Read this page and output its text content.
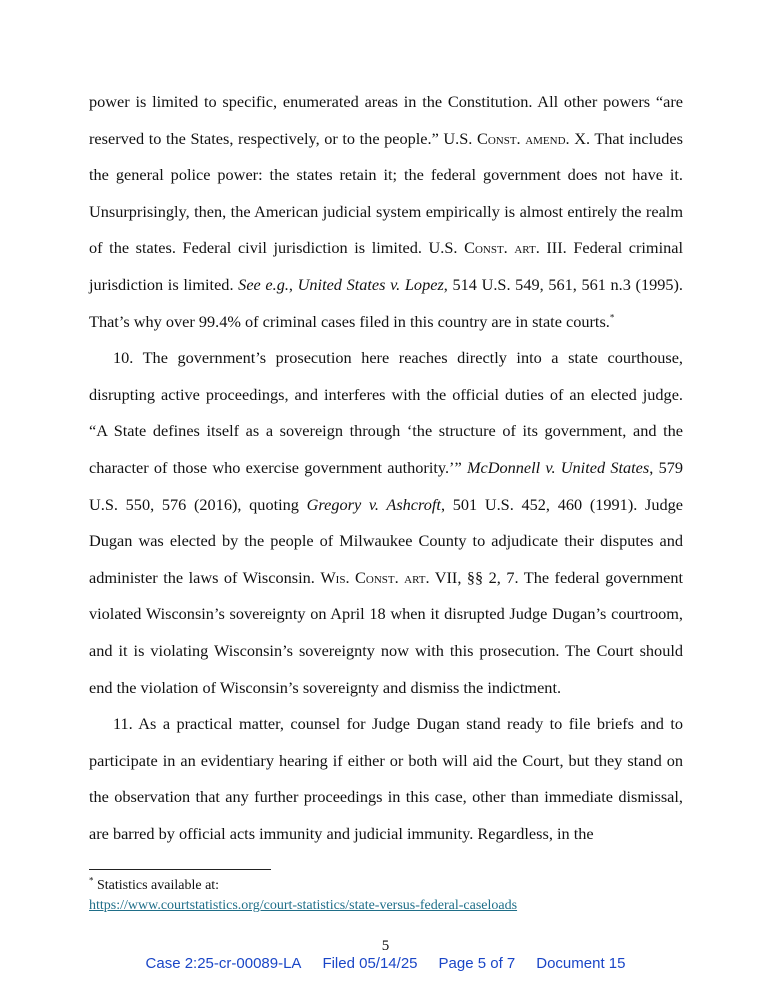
power is limited to specific, enumerated areas in the Constitution. All other powers “are reserved to the States, respectively, or to the people.” U.S. Const. amend. X. That includes the general police power: the states retain it; the federal government does not have it. Unsurprisingly, then, the American judicial system empirically is almost entirely the realm of the states. Federal civil jurisdiction is limited. U.S. Const. art. III. Federal criminal jurisdiction is limited. See e.g., United States v. Lopez, 514 U.S. 549, 561, 561 n.3 (1995). That’s why over 99.4% of criminal cases filed in this country are in state courts.*

10. The government’s prosecution here reaches directly into a state courthouse, disrupting active proceedings, and interferes with the official duties of an elected judge. “A State defines itself as a sovereign through ‘the structure of its government, and the character of those who exercise government authority.’” McDonnell v. United States, 579 U.S. 550, 576 (2016), quoting Gregory v. Ashcroft, 501 U.S. 452, 460 (1991). Judge Dugan was elected by the people of Milwaukee County to adjudicate their disputes and administer the laws of Wisconsin. Wis. Const. art. VII, §§ 2, 7. The federal government violated Wisconsin’s sovereignty on April 18 when it disrupted Judge Dugan’s courtroom, and it is violating Wisconsin’s sovereignty now with this prosecution. The Court should end the violation of Wisconsin’s sovereignty and dismiss the indictment.

11. As a practical matter, counsel for Judge Dugan stand ready to file briefs and to participate in an evidentiary hearing if either or both will aid the Court, but they stand on the observation that any further proceedings in this case, other than immediate dismissal, are barred by official acts immunity and judicial immunity. Regardless, in the

* Statistics available at:
https://www.courtstatistics.org/court-statistics/state-versus-federal-caseloads
5
Case 2:25-cr-00089-LA Filed 05/14/25 Page 5 of 7 Document 15
